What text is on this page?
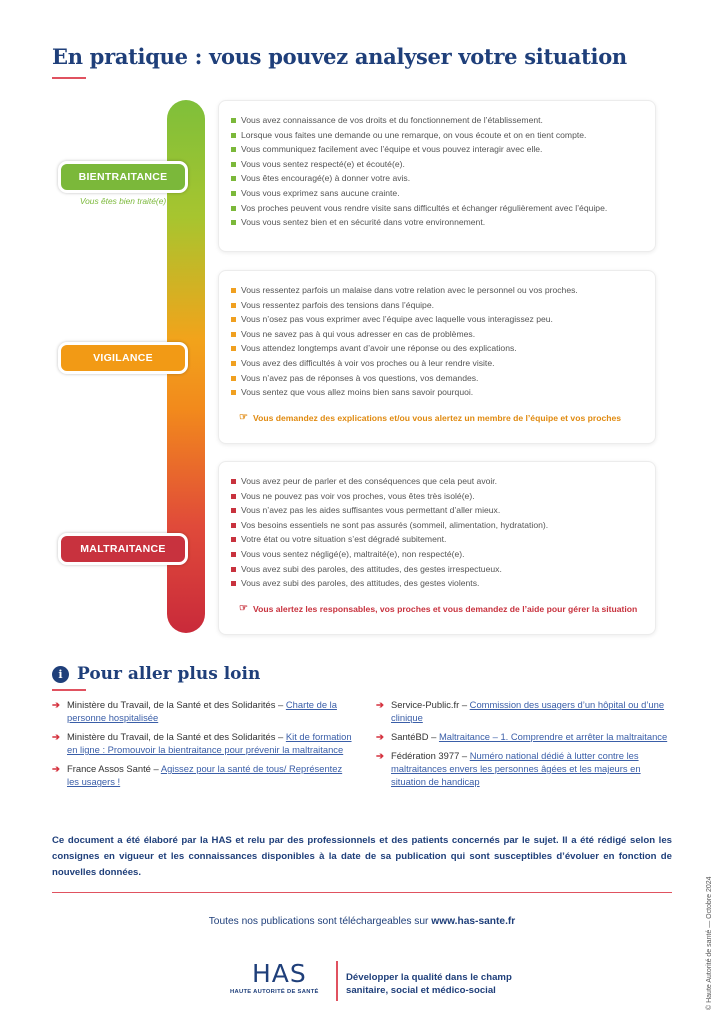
En pratique : vous pouvez analyser votre situation
Vous avez connaissance de vos droits et du fonctionnement de l’établissement.
Lorsque vous faites une demande ou une remarque, on vous écoute et on en tient compte.
Vous communiquez facilement avec l’équipe et vous pouvez interagir avec elle.
Vous vous sentez respecté(e) et écouté(e).
Vous êtes encouragé(e) à donner votre avis.
Vous vous exprimez sans aucune crainte.
Vos proches peuvent vous rendre visite sans difficultés et échanger régulièrement avec l’équipe.
Vous vous sentez bien et en sécurité dans votre environnement.
BIENTRAITANCE
Vous êtes bien traité(e)
Vous ressentez parfois un malaise dans votre relation avec le personnel ou vos proches.
Vous ressentez parfois des tensions dans l’équipe.
Vous n’osez pas vous exprimer avec l’équipe avec laquelle vous interagissez peu.
Vous ne savez pas à qui vous adresser en cas de problèmes.
Vous attendez longtemps avant d’avoir une réponse ou des explications.
Vous avez des difficultés à voir vos proches ou à leur rendre visite.
Vous n’avez pas de réponses à vos questions, vos demandes.
Vous sentez que vous allez moins bien sans savoir pourquoi.
☞ Vous demandez des explications et/ou vous alertez un membre de l’équipe et vos proches
VIGILANCE
Vous avez peur de parler et des conséquences que cela peut avoir.
Vous ne pouvez pas voir vos proches, vous êtes très isolé(e).
Vous n’avez pas les aides suffisantes vous permettant d’aller mieux.
Vos besoins essentiels ne sont pas assurés (sommeil, alimentation, hydratation).
Votre état ou votre situation s’est dégradé subitement.
Vous vous sentez négligé(e), maltraité(e), non respecté(e).
Vous avez subi des paroles, des attitudes, des gestes irrespectueux.
Vous avez subi des paroles, des attitudes, des gestes violents.
☞ Vous alertez les responsables, vos proches et vous demandez de l’aide pour gérer la situation
MALTRAITANCE
i Pour aller plus loin
➔ Ministère du Travail, de la Santé et des Solidarités – Charte de la personne hospitalisée
➔ Ministère du Travail, de la Santé et des Solidarités – Kit de formation en ligne : Promouvoir la bientraitance pour prévenir la maltraitance
➔ France Assos Santé – Agissez pour la santé de tous/ Représentez les usagers !
➔ Service-Public.fr – Commission des usagers d’un hôpital ou d’une clinique
➔ SantéBD – Maltraitance – 1. Comprendre et arrêter la maltraitance
➔ Fédération 3977 – Numéro national dédié à lutter contre les maltraitances envers les personnes âgées et les majeurs en situation de handicap

Ce document a été élaboré par la HAS et relu par des professionnels et des patients concernés par le sujet. Il a été rédigé selon les consignes en vigueur et les connaissances disponibles à la date de sa publication qui sont susceptibles d’évoluer en fonction de nouvelles données.

Toutes nos publications sont téléchargeables sur www.has-sante.fr
HAS
HAUTE AUTORITÉ DE SANTÉ
Développer la qualité dans le champ sanitaire, social et médico-social	© Haute Autorité de santé — Octobre 2024
